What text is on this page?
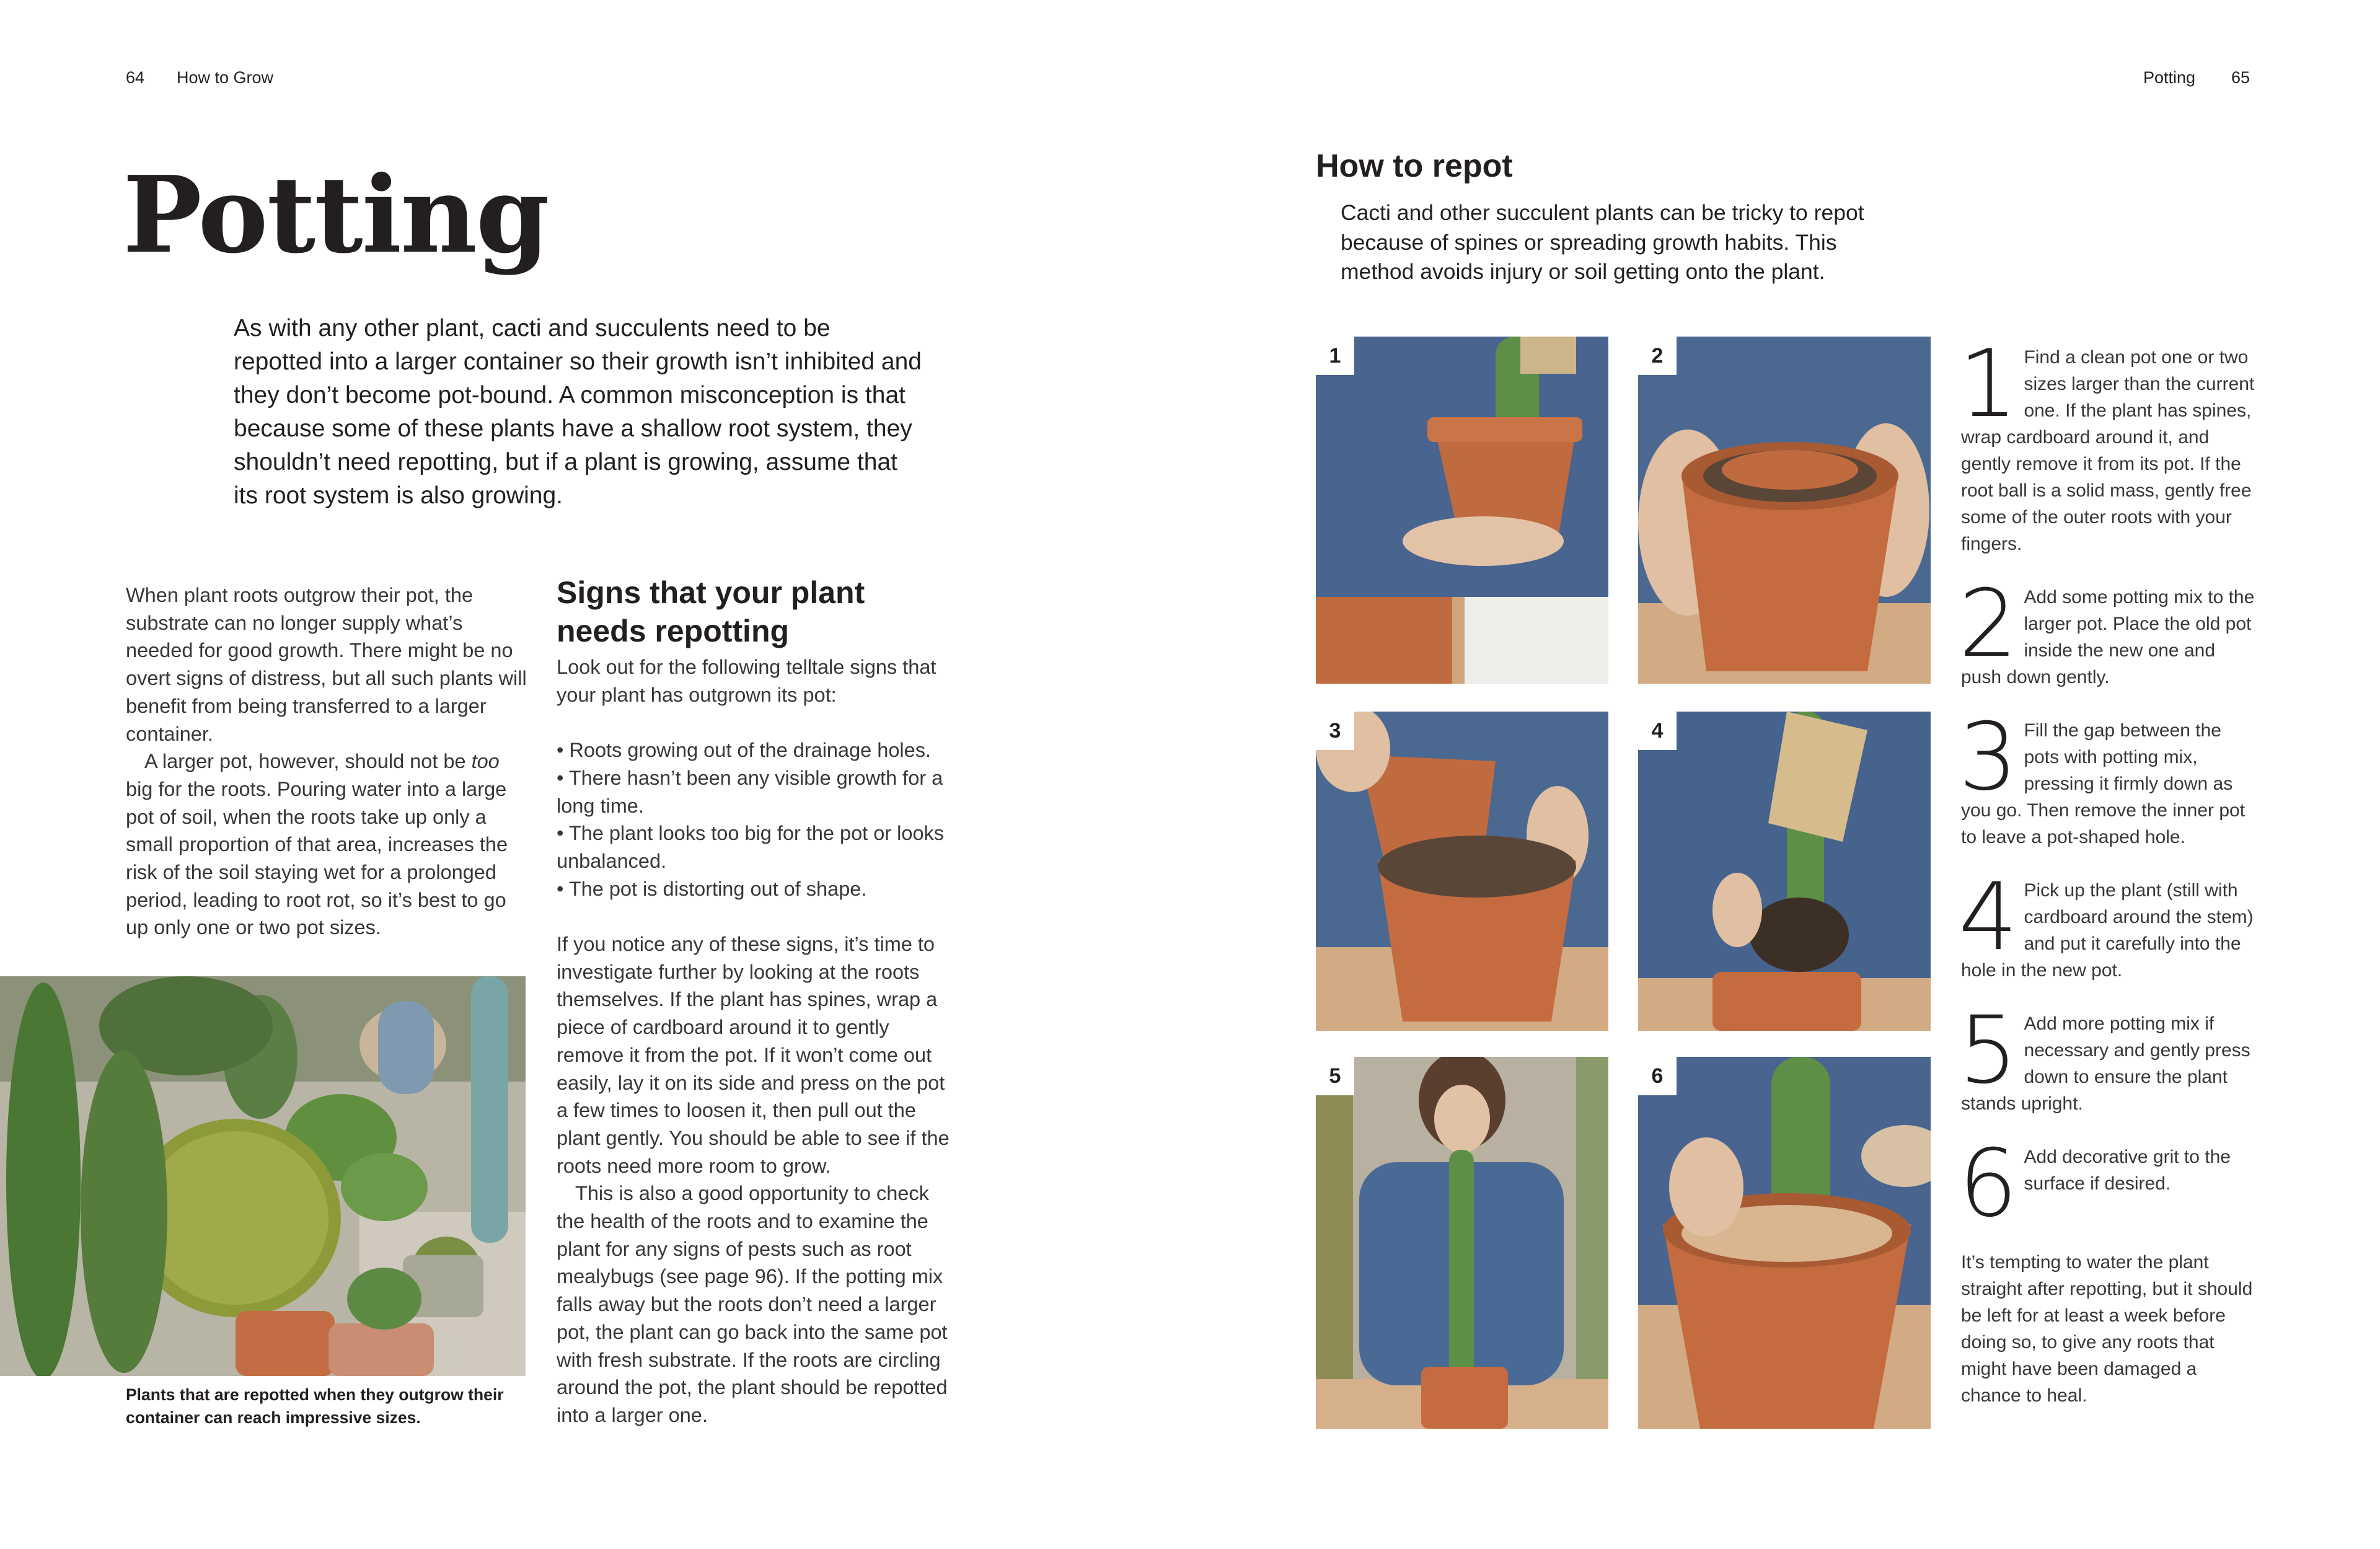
64 How to Grow	Potting 65
Potting
As with any other plant, cacti and succulents need to be repotted into a larger container so their growth isn’t inhibited and they don’t become pot-bound. A common misconception is that because some of these plants have a shallow root system, they shouldn’t need repotting, but if a plant is growing, assume that its root system is also growing.

When plant roots outgrow their pot, the substrate can no longer supply what’s needed for good growth. There might be no overt signs of distress, but all such plants will benefit from being transferred to a larger container.

A larger pot, however, should not be too big for the roots. Pouring water into a large pot of soil, when the roots take up only a small proportion of that area, increases the risk of the soil staying wet for a prolonged period, leading to root rot, so it’s best to go up only one or two pot sizes.

Plants that are repotted when they outgrow their container can reach impressive sizes.
Signs that your plant needs repotting

Look out for the following telltale signs that your plant has outgrown its pot:

• Roots growing out of the drainage holes.
• There hasn’t been any visible growth for a long time.
• The plant looks too big for the pot or looks unbalanced.
• The pot is distorting out of shape.

If you notice any of these signs, it’s time to investigate further by looking at the roots themselves. If the plant has spines, wrap a piece of cardboard around it to gently remove it from the pot. If it won’t come out easily, lay it on its side and press on the pot a few times to loosen it, then pull out the plant gently. You should be able to see if the roots need more room to grow.

This is also a good opportunity to check the health of the roots and to examine the plant for any signs of pests such as root mealybugs (see page 96). If the potting mix falls away but the roots don’t need a larger pot, the plant can go back into the same pot with fresh substrate. If the roots are circling around the pot, the plant should be repotted into a larger one.

How to repot
Cacti and other succulent plants can be tricky to repot because of spines or spreading growth habits. This method avoids injury or soil getting onto the plant.
1	2
3	4
5	6
1 Find a clean pot one or two sizes larger than the current one. If the plant has spines, wrap cardboard around it, and gently remove it from its pot. If the root ball is a solid mass, gently free some of the outer roots with your fingers.
2 Add some potting mix to the larger pot. Place the old pot inside the new one and push down gently.
3 Fill the gap between the pots with potting mix, pressing it firmly down as you go. Then remove the inner pot to leave a pot-shaped hole.
4 Pick up the plant (still with cardboard around the stem) and put it carefully into the hole in the new pot.
5 Add more potting mix if necessary and gently press down to ensure the plant stands upright.
6 Add decorative grit to the surface if desired.
It’s tempting to water the plant straight after repotting, but it should be left for at least a week before doing so, to give any roots that might have been damaged a chance to heal.
